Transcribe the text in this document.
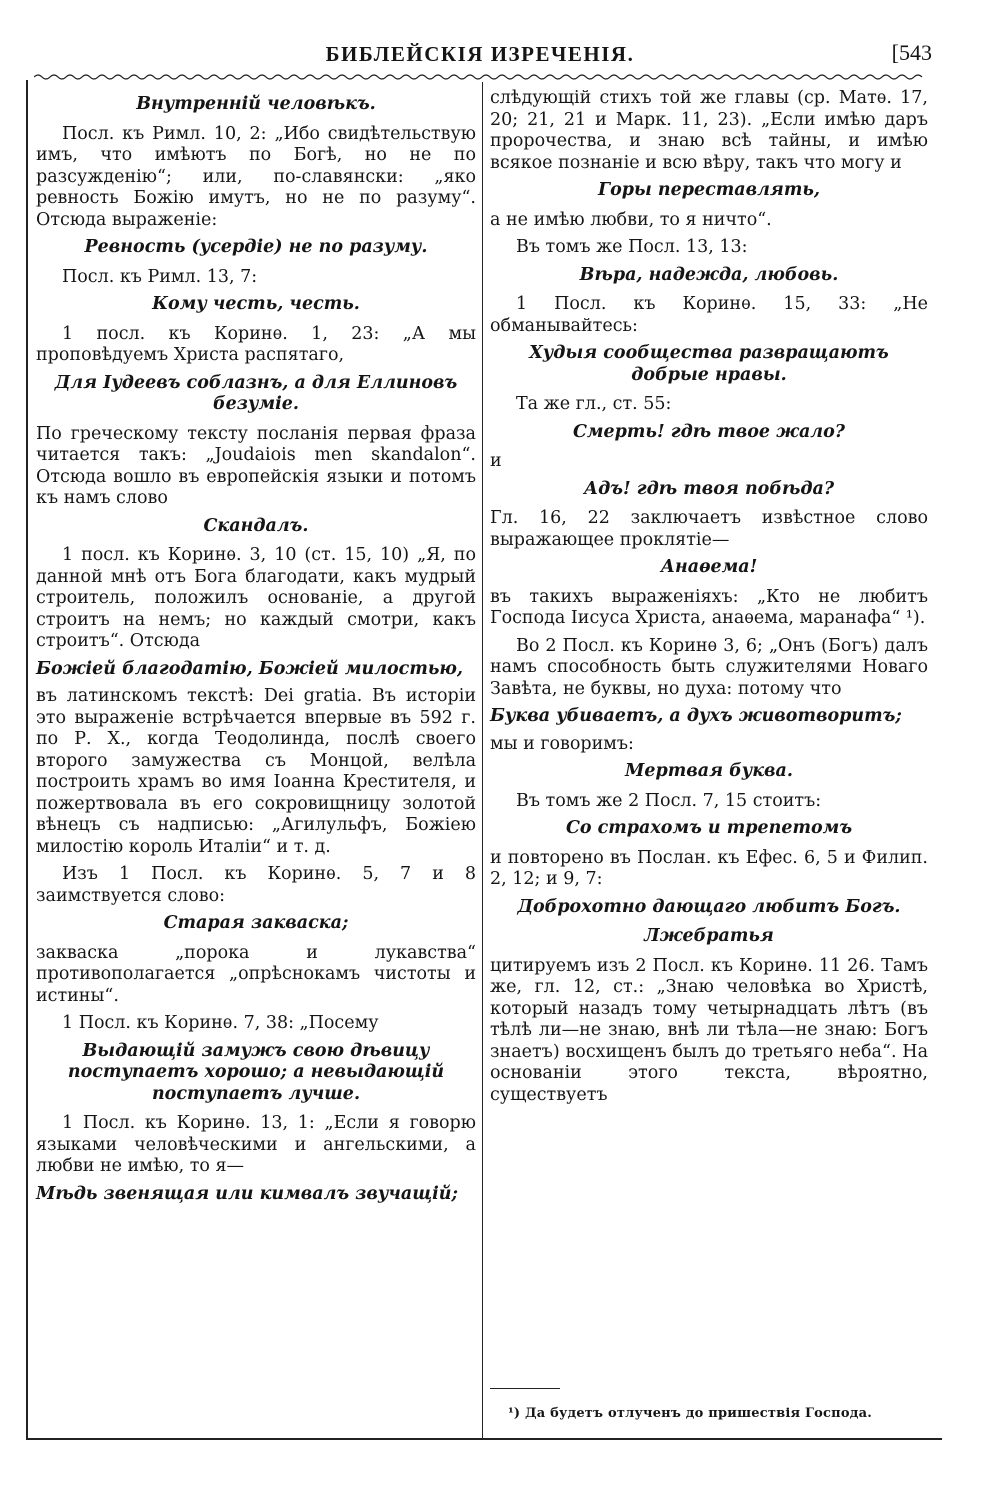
БИБЛЕЙСКІЯ ИЗРЕЧЕНІЯ.	[543

Внутренній человѣкъ.

Посл. къ Римл. 10, 2: „Ибо свидѣтельствую имъ, что имѣютъ по Богѣ, но не по разсужденію“; или, по-славянски: „яко ревность Божію имутъ, но не по разуму“. Отсюда выраженіе:

Ревность (усердіе) не по разуму.

Посл. къ Римл. 13, 7:

Кому честь, честь.

1 посл. къ Коринѳ. 1, 23: „А мы проповѣдуемъ Христа распятаго,

Для Іудеевъ соблазнъ, а для Еллиновъ безуміе.

По греческому тексту посланія первая фраза читается такъ: „Joudaiois men skandalon“. Отсюда вошло въ европейскія языки и потомъ къ намъ слово

Скандалъ.

1 посл. къ Коринѳ. 3, 10 (ст. 15, 10) „Я, по данной мнѣ отъ Бога благодати, какъ мудрый строитель, положилъ основаніе, а другой строитъ на немъ; но каждый смотри, какъ строитъ“. Отсюда

Божіей благодатію, Божіей милостью,

въ латинскомъ текстѣ: Dei gratia. Въ исторіи это выраженіе встрѣчается впервые въ 592 г. по Р. Х., когда Теодолинда, послѣ своего второго замужества съ Монцой, велѣла построить храмъ во имя Іоанна Крестителя, и пожертвовала въ его сокровищницу золотой вѣнецъ съ надписью: „Агилульфъ, Божіею милостію король Италіи“ и т. д.

Изъ 1 Посл. къ Коринѳ. 5, 7 и 8 заимствуется слово:

Старая закваска;

закваска „порока и лукавства“ противополагается „опрѣснокамъ чистоты и истины“.

1 Посл. къ Коринѳ. 7, 38: „Посему

Выдающій замужъ свою дѣвицу поступаетъ хорошо; а невыдающій поступаетъ лучше.

1 Посл. къ Коринѳ. 13, 1: „Если я говорю языками человѣческими и ангельскими, а любви не имѣю, то я—

Мѣдь звенящая или кимвалъ звучащій;

слѣдующій стихъ той же главы (ср. Матѳ. 17, 20; 21, 21 и Марк. 11, 23). „Если имѣю даръ пророчества, и знаю всѣ тайны, и имѣю всякое познаніе и всю вѣру, такъ что могу и

Горы переставлять,

а не имѣю любви, то я ничто“.

Въ томъ же Посл. 13, 13:

Вѣра, надежда, любовь.

1 Посл. къ Коринѳ. 15, 33: „Не обманывайтесь:

Худыя сообщества развращаютъ добрые нравы.

Та же гл., ст. 55:

Смерть! гдѣ твое жало?

и

Адъ! гдѣ твоя побѣда?

Гл. 16, 22 заключаетъ извѣстное слово выражающее проклятіе—

Анаѳема!

въ такихъ выраженіяхъ: „Кто не любитъ Господа Іисуса Христа, анаѳема, маранафа“ ¹).

Во 2 Посл. къ Коринѳ 3, 6; „Онъ (Богъ) далъ намъ способность быть служителями Новаго Завѣта, не буквы, но духа: потому что

Буква убиваетъ, а духъ животворитъ;

мы и говоримъ:

Мертвая буква.

Въ томъ же 2 Посл. 7, 15 стоитъ:

Со страхомъ и трепетомъ

и повторено въ Послан. къ Ефес. 6, 5 и Филип. 2, 12; и 9, 7:

Доброхотно дающаго любитъ Богъ.

Лжебратья

цитируемъ изъ 2 Посл. къ Коринѳ. 11 26. Тамъ же, гл. 12, ст.: „Знаю человѣка во Христѣ, который назадъ тому четырнадцать лѣтъ (въ тѣлѣ ли—не знаю, внѣ ли тѣла—не знаю: Богъ знаетъ) восхищенъ былъ до третьяго неба“. На основаніи этого текста, вѣроятно, существуетъ

¹) Да будетъ отлученъ до пришествія Господа.
